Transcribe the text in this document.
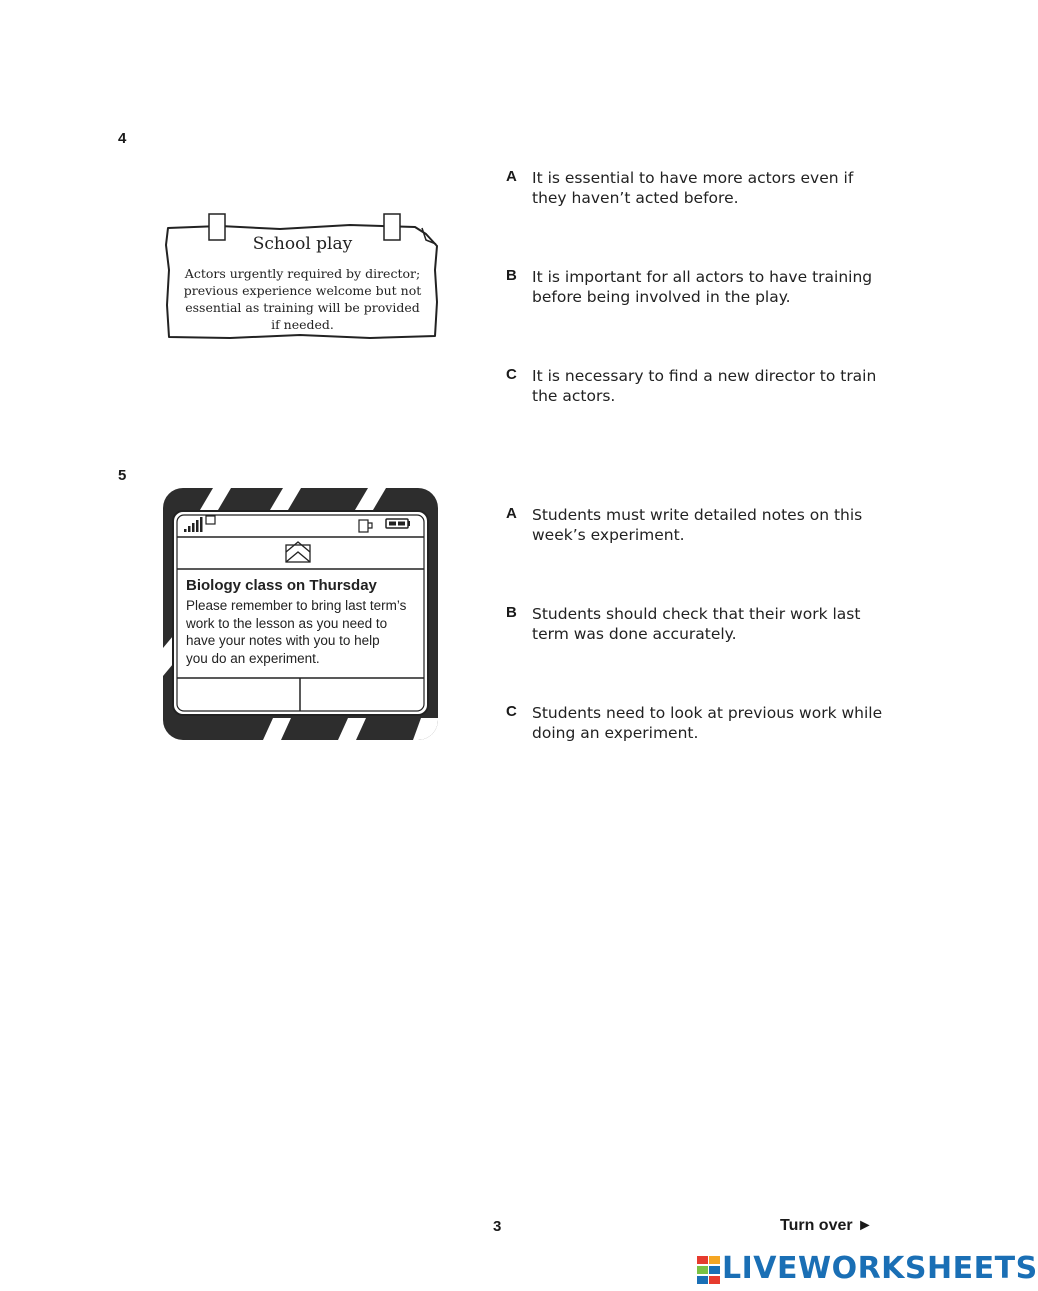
4
School play
Actors urgently required by director;
previous experience welcome but not
essential as training will be provided
if needed.
A It is essential to have more actors even if
they haven’t acted before.
B It is important for all actors to have training
before being involved in the play.
C It is necessary to find a new director to train
the actors.
5
Biology class on Thursday
Please remember to bring last term’s
work to the lesson as you need to
have your notes with you to help
you do an experiment.
A Students must write detailed notes on this
week’s experiment.
B Students should check that their work last
term was done accurately.
C Students need to look at previous work while
doing an experiment.
3	Turn over ►
LIVEWORKSHEETS
